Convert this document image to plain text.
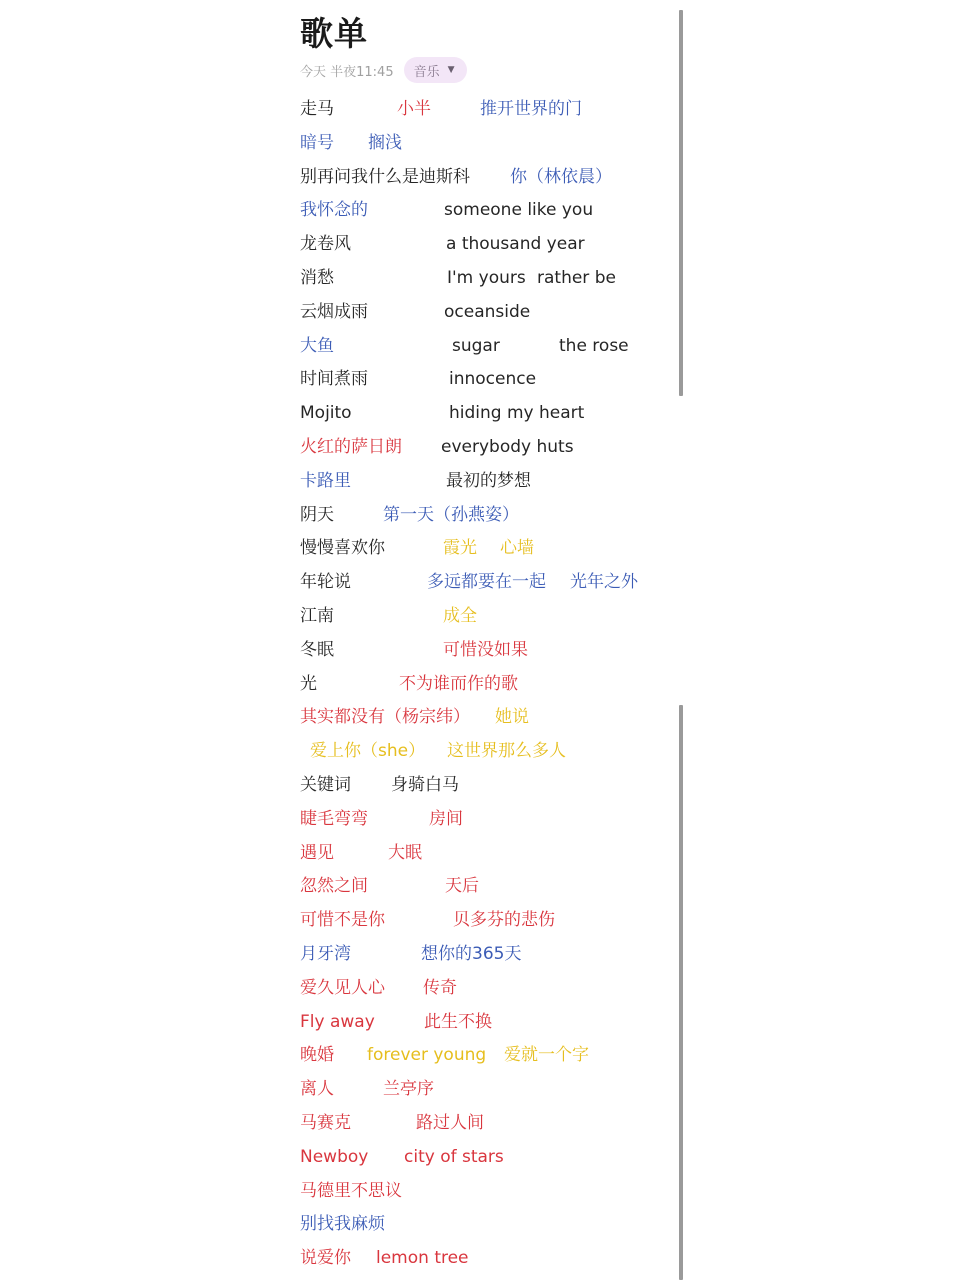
歌单
今天 半夜11:45 音乐 ▼
走马	小半	推开世界的门
暗号 搁浅
别再问我什么是迪斯科 你（林依晨）
我怀念的	someone like you
龙卷风	a thousand year
消愁	I'm yours rather be
云烟成雨	oceanside
大鱼	sugar	the rose
时间煮雨	innocence
Mojito	hiding my heart
火红的萨日朗 everybody huts
卡路里	最初的梦想
阴天	第一天（孙燕姿）
慢慢喜欢你	霞光 心墙
年轮说	多远都要在一起 光年之外
江南	成全
冬眠	可惜没如果
光	不为谁而作的歌
其实都没有（杨宗纬） 她说
爱上你（she） 这世界那么多人
关键词 身骑白马
睫毛弯弯	房间
遇见	大眠
忽然之间	天后
可惜不是你	贝多芬的悲伤
月牙湾	想你的365天
爱久见人心 传奇
Fly away	此生不换
晚婚 forever young 爱就一个字
离人	兰亭序
马赛克	路过人间
Newboy city of stars
马德里不思议
别找我麻烦
说爱你 lemon tree
